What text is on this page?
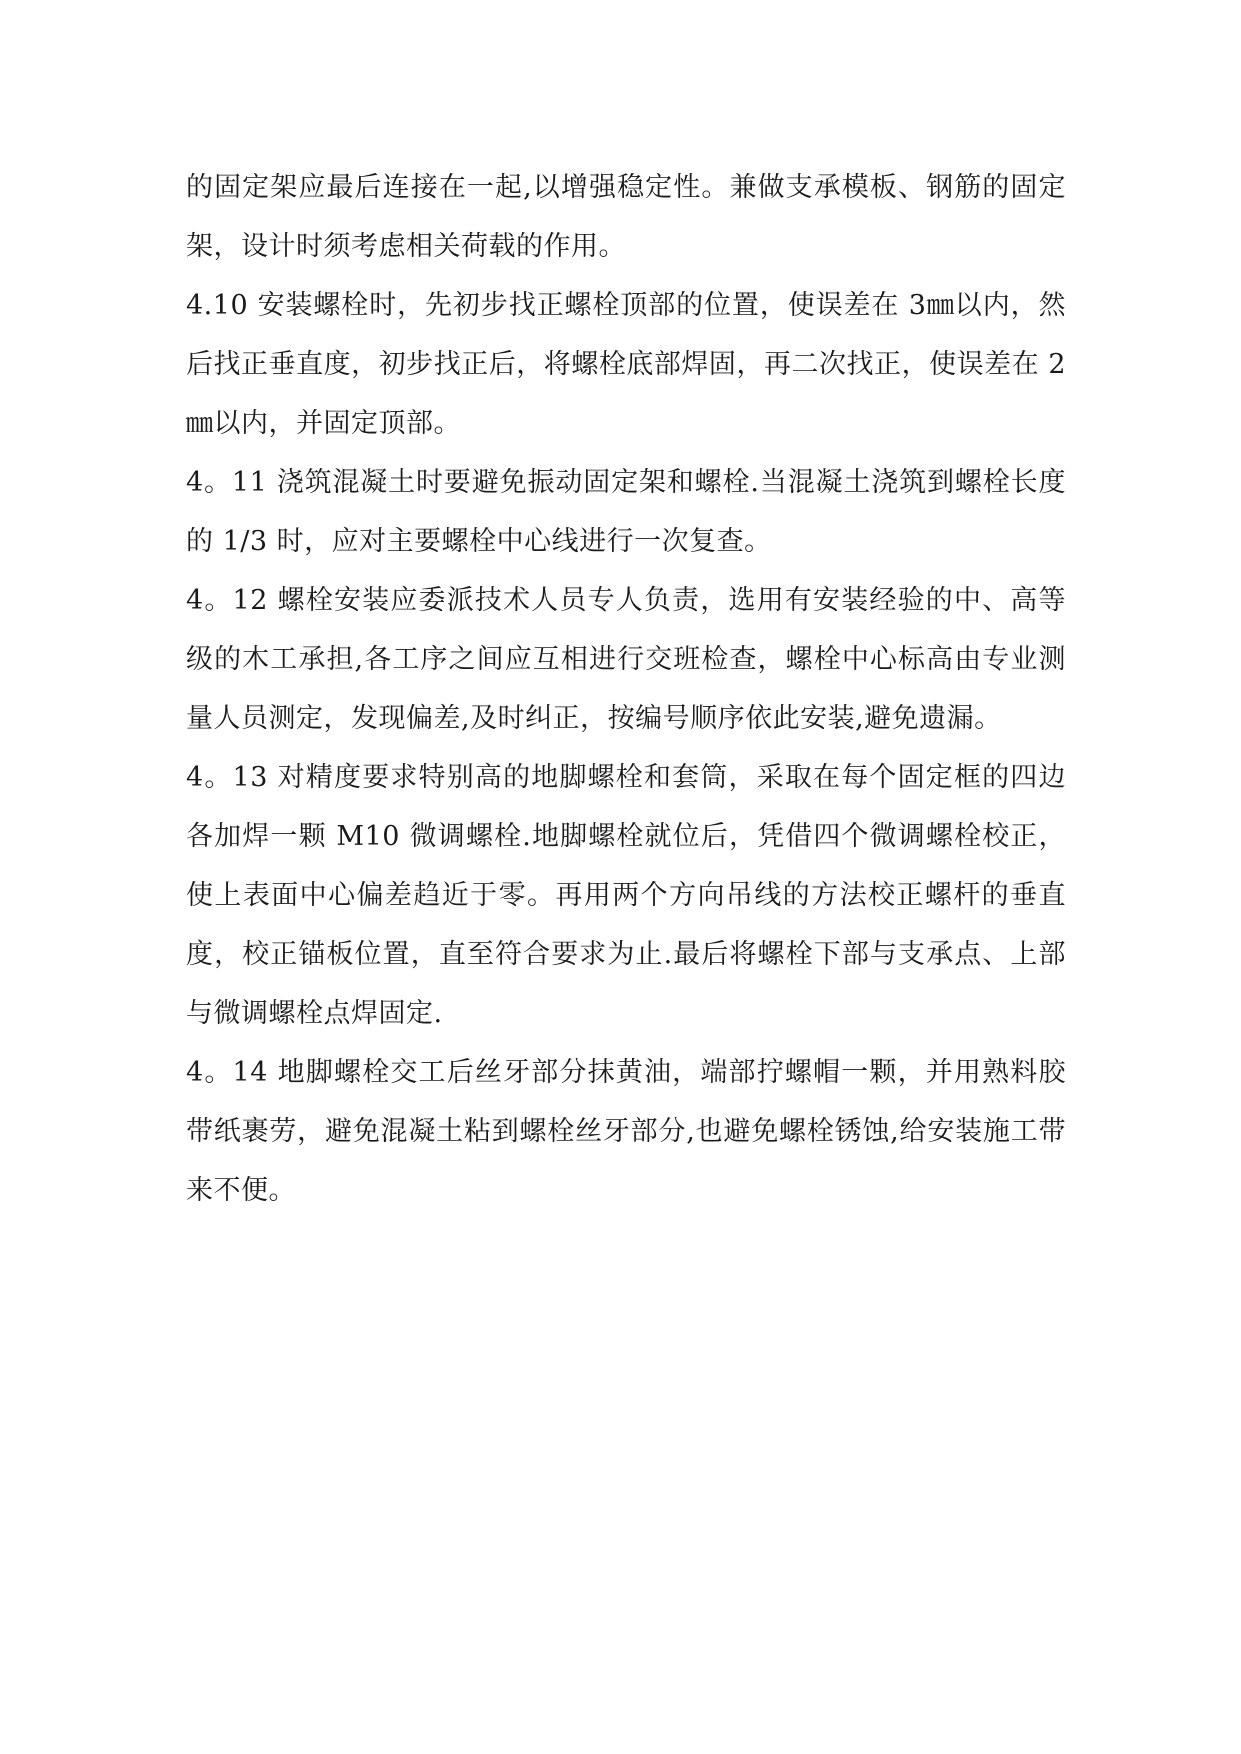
的固定架应最后连接在一起,以增强稳定性。兼做支承模板、钢筋的固定架，设计时须考虑相关荷载的作用。

4.10 安装螺栓时，先初步找正螺栓顶部的位置，使误差在 3㎜以内，然后找正垂直度，初步找正后，将螺栓底部焊固，再二次找正，使误差在 2㎜以内，并固定顶部。

4。11 浇筑混凝土时要避免振动固定架和螺栓.当混凝土浇筑到螺栓长度的 1/3 时，应对主要螺栓中心线进行一次复查。

4。12 螺栓安装应委派技术人员专人负责，选用有安装经验的中、高等级的木工承担,各工序之间应互相进行交班检查，螺栓中心标高由专业测量人员测定，发现偏差,及时纠正，按编号顺序依此安装,避免遗漏。

4。13 对精度要求特别高的地脚螺栓和套筒，采取在每个固定框的四边各加焊一颗 M10 微调螺栓.地脚螺栓就位后，凭借四个微调螺栓校正，使上表面中心偏差趋近于零。再用两个方向吊线的方法校正螺杆的垂直度，校正锚板位置，直至符合要求为止.最后将螺栓下部与支承点、上部与微调螺栓点焊固定.

4。14 地脚螺栓交工后丝牙部分抹黄油，端部拧螺帽一颗，并用熟料胶带纸裹劳，避免混凝土粘到螺栓丝牙部分,也避免螺栓锈蚀,给安装施工带来不便。
